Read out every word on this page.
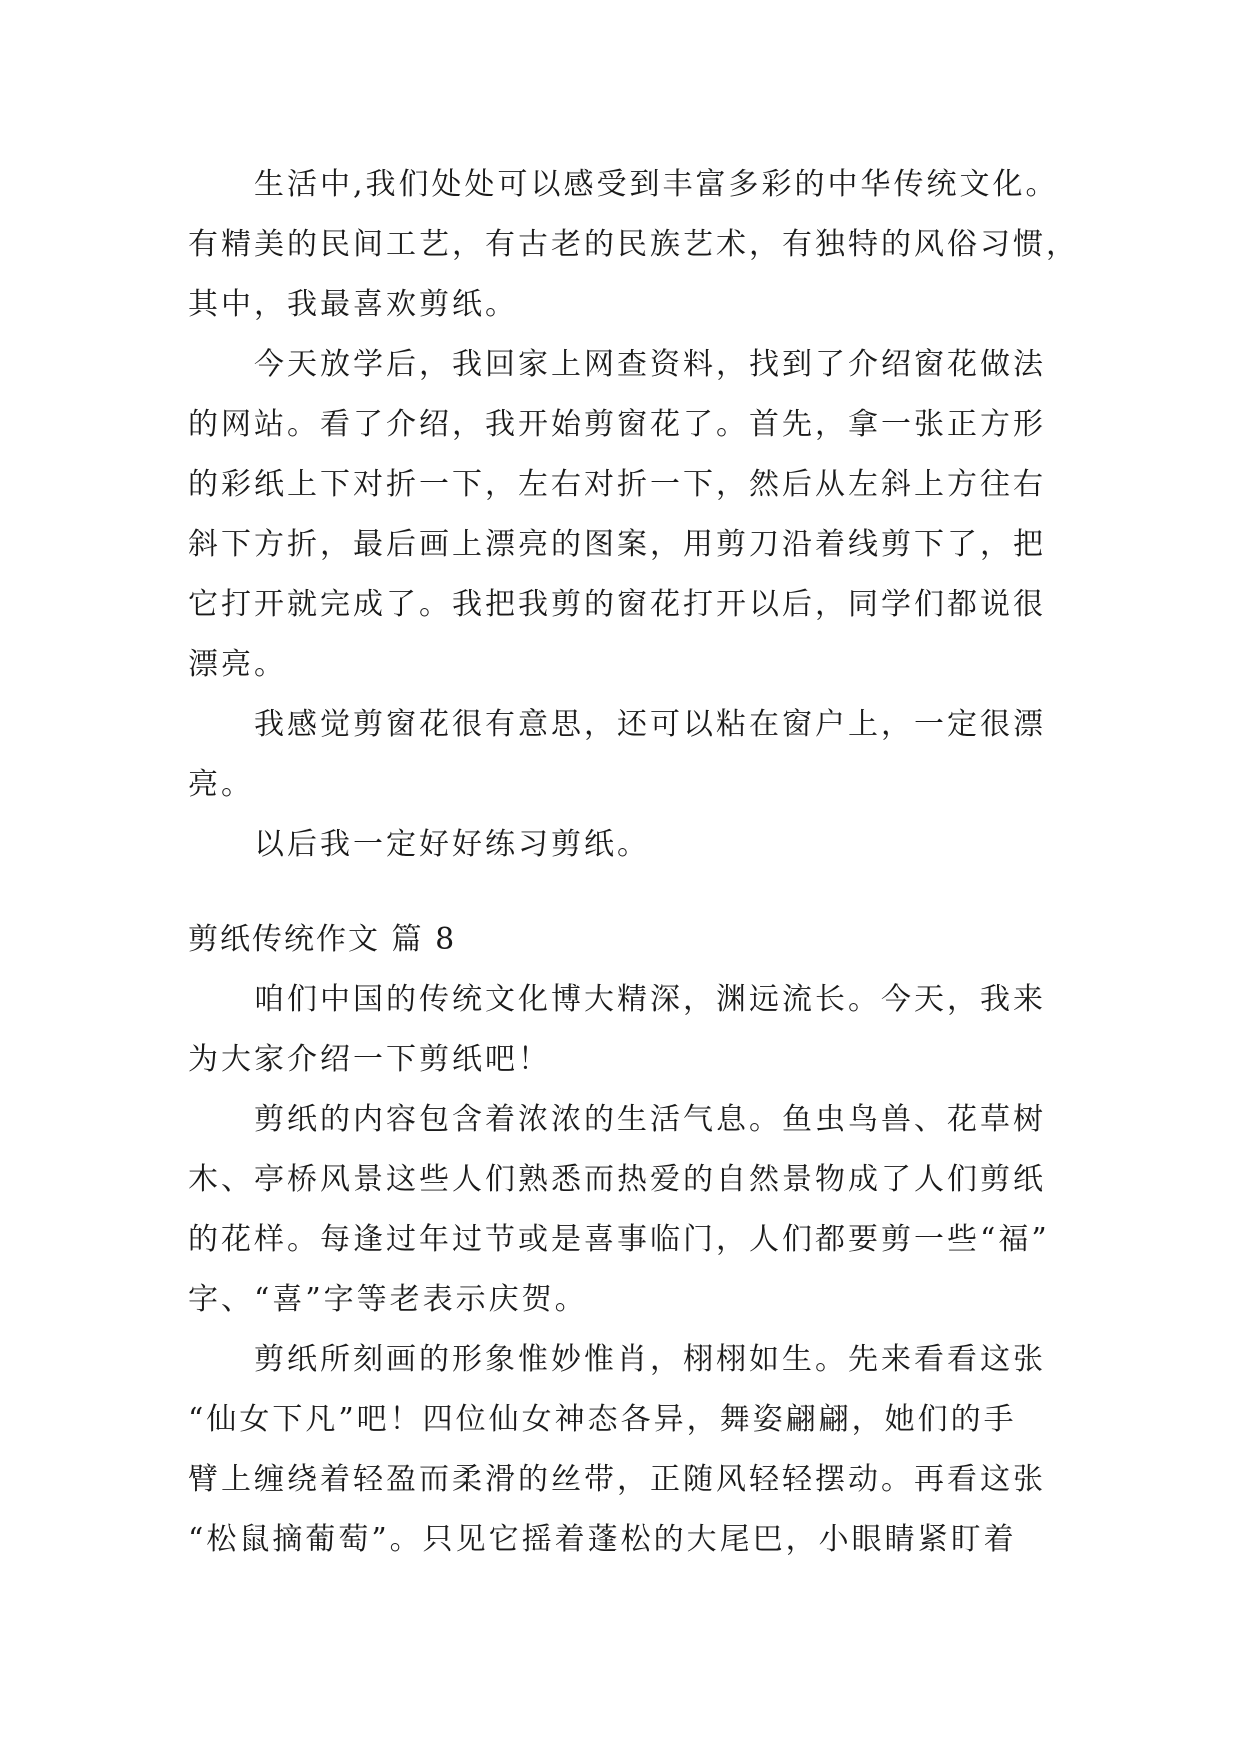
生活中,我们处处可以感受到丰富多彩的中华传统文化。
有精美的民间工艺，有古老的民族艺术，有独特的风俗习惯，
其中，我最喜欢剪纸。
今天放学后，我回家上网查资料，找到了介绍窗花做法
的网站。看了介绍，我开始剪窗花了。首先，拿一张正方形
的彩纸上下对折一下，左右对折一下，然后从左斜上方往右
斜下方折，最后画上漂亮的图案，用剪刀沿着线剪下了，把
它打开就完成了。我把我剪的窗花打开以后，同学们都说很
漂亮。
我感觉剪窗花很有意思，还可以粘在窗户上，一定很漂
亮。
以后我一定好好练习剪纸。
剪纸传统作文 篇 8
咱们中国的传统文化博大精深，渊远流长。今天，我来
为大家介绍一下剪纸吧！
剪纸的内容包含着浓浓的生活气息。鱼虫鸟兽、花草树
木、亭桥风景这些人们熟悉而热爱的自然景物成了人们剪纸
的花样。每逢过年过节或是喜事临门，人们都要剪一些“福”
字、“喜”字等老表示庆贺。
剪纸所刻画的形象惟妙惟肖，栩栩如生。先来看看这张
“仙女下凡”吧！四位仙女神态各异，舞姿翩翩，她们的手
臂上缠绕着轻盈而柔滑的丝带，正随风轻轻摆动。再看这张
“松鼠摘葡萄”。只见它摇着蓬松的大尾巴，小眼睛紧盯着
